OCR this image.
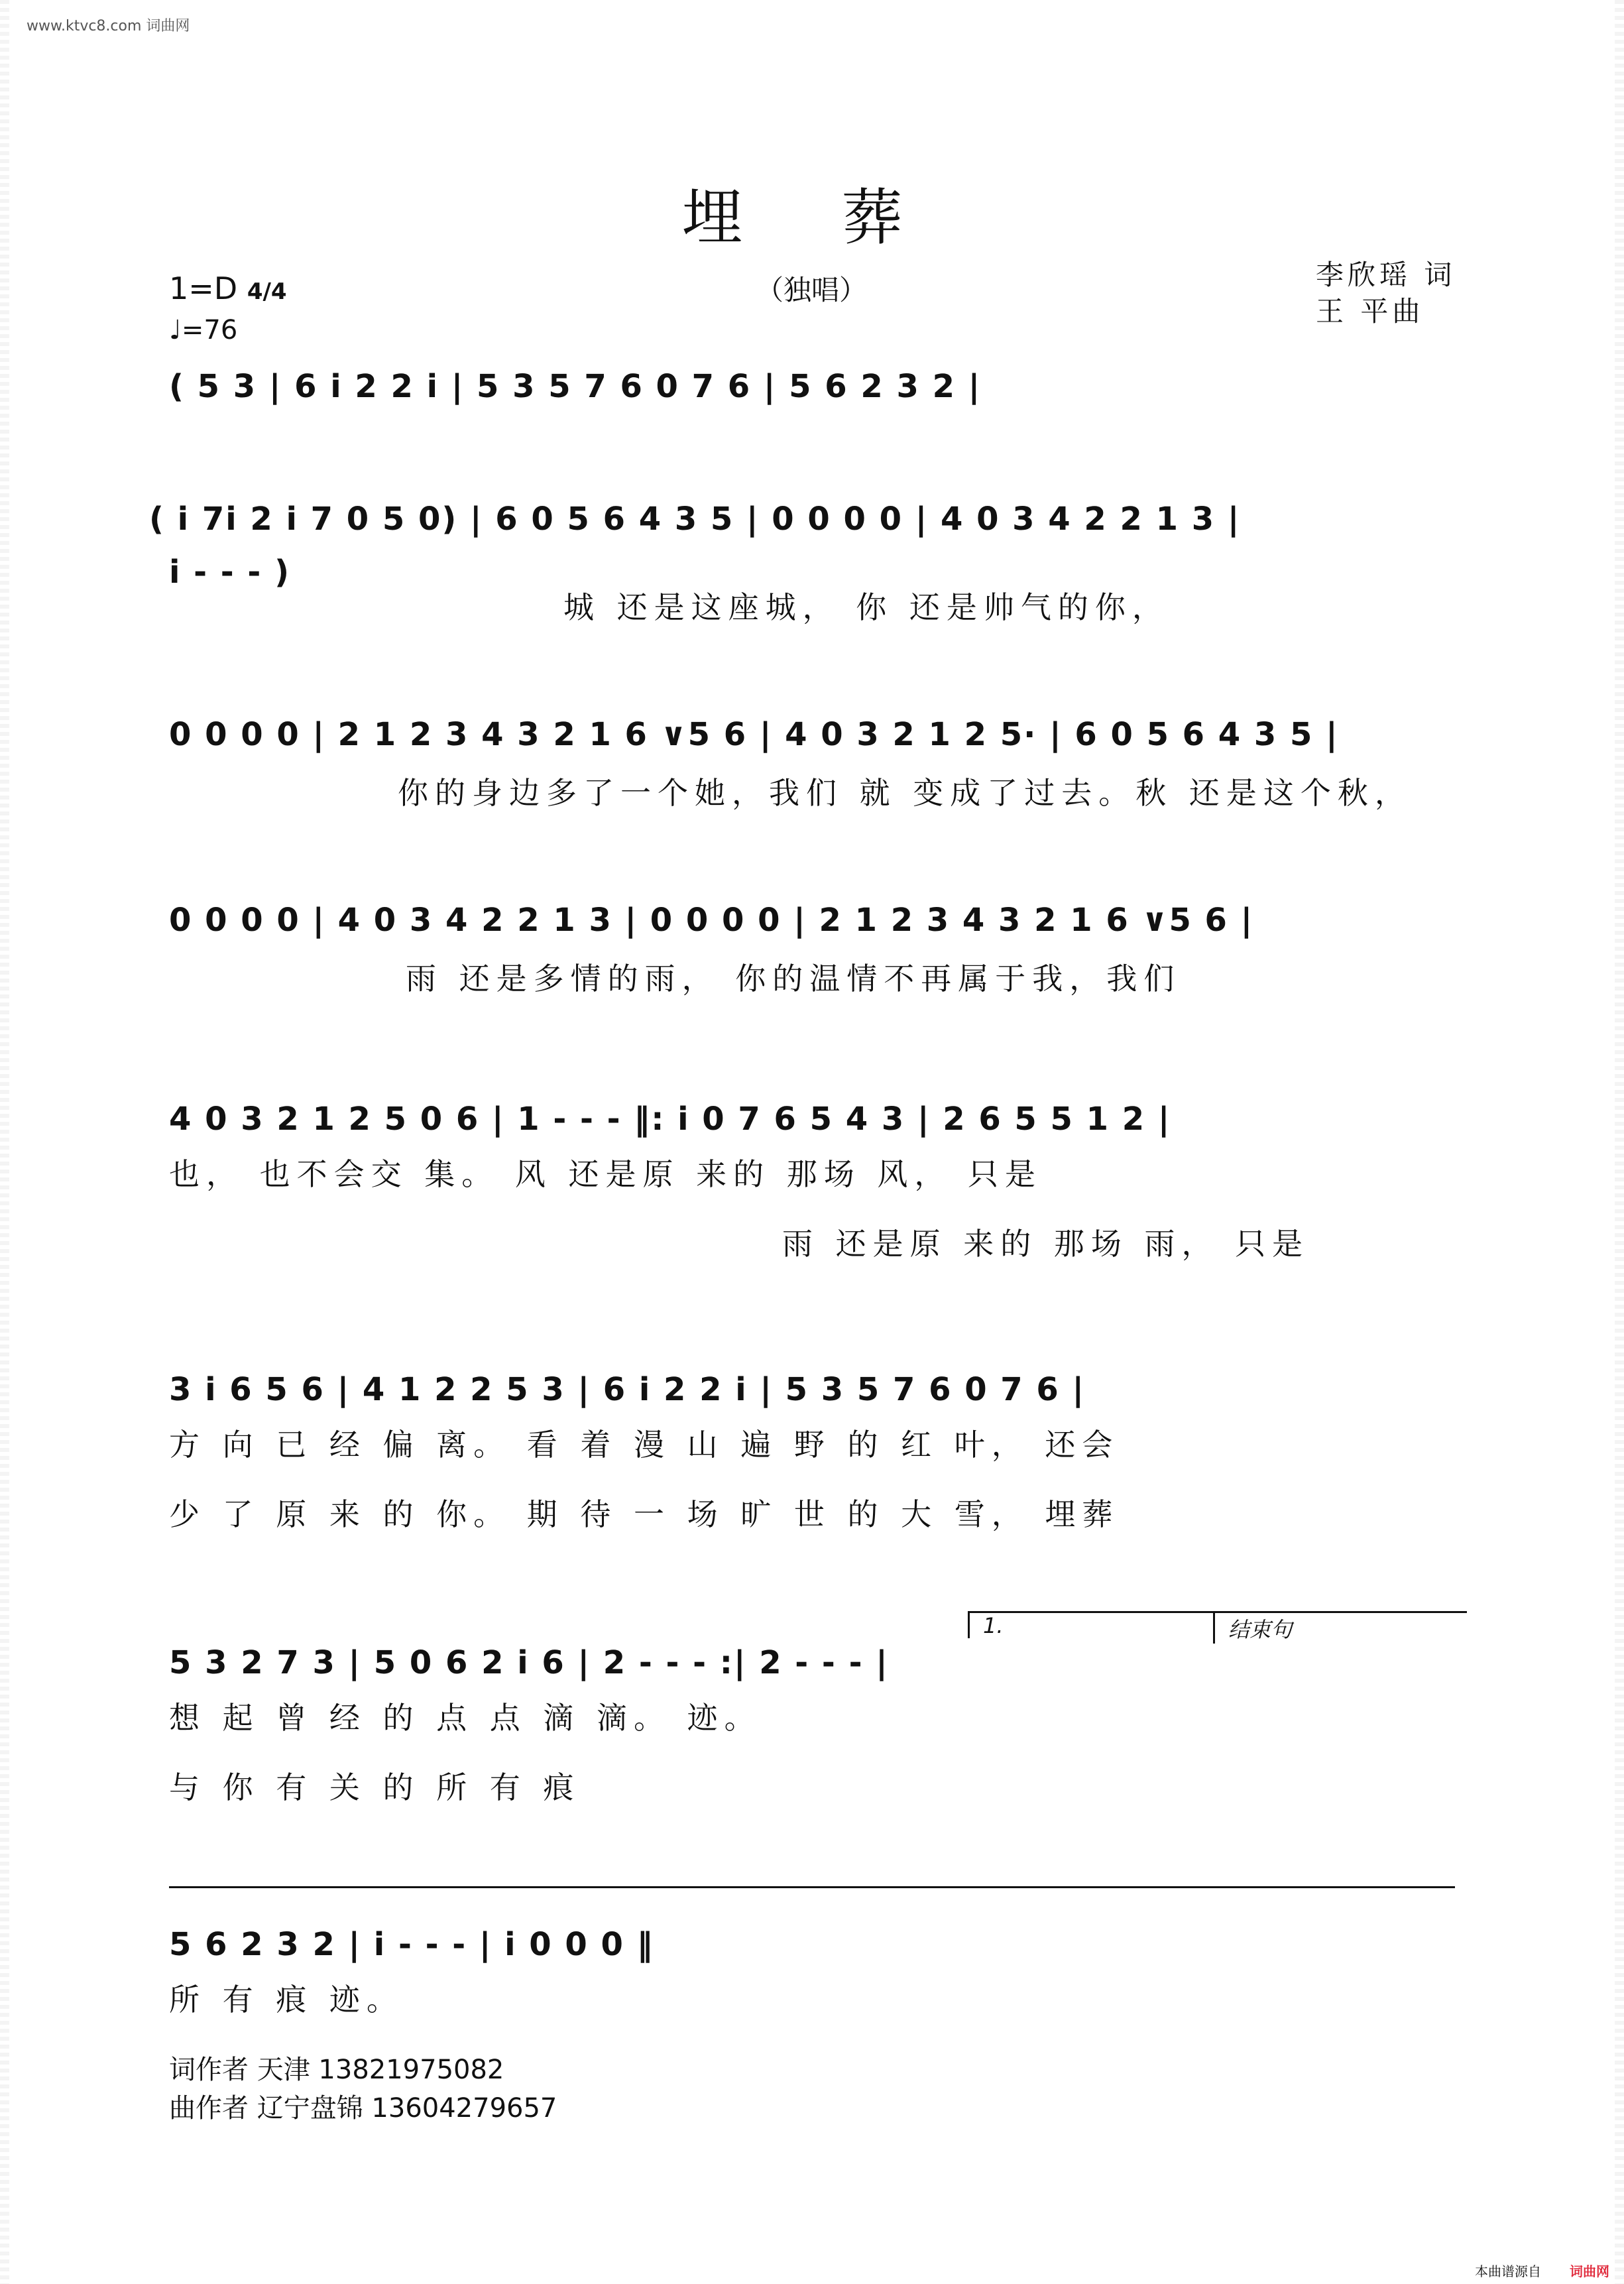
www.ktvc8.com 词曲网
埋 葬
（独唱）
1=D 4/4
♩=76
李欣瑶 词
王 平曲
( 5 3 | 6 i 2 2 i | 5 3 5 7 6 0 7 6 | 5 6 2 3 2 |
( i 7i 2 i 7 0 5 0) | 6 0 5 6 4 3 5 | 0 0 0 0 | 4 0 3 4 2 2 1 3 |
i - - - )
城 还是这座城， 你 还是帅气的你，
0 0 0 0 | 2 1 2 3 4 3 2 1 6 ∨5 6 | 4 0 3 2 1 2 5· | 6 0 5 6 4 3 5 |
你的身边多了一个她，我们 就 变成了过去。秋 还是这个秋，
0 0 0 0 | 4 0 3 4 2 2 1 3 | 0 0 0 0 | 2 1 2 3 4 3 2 1 6 ∨5 6 |
雨 还是多情的雨， 你的温情不再属于我，我们
4 0 3 2 1 2 5 0 6 | 1 - - - ‖: i 0 7 6 5 4 3 | 2 6 5 5 1 2 |
也， 也不会交 集。 风 还是原 来的 那场 风， 只是
雨 还是原 来的 那场 雨， 只是
3 i 6 5 6 | 4 1 2 2 5 3 | 6 i 2 2 i | 5 3 5 7 6 0 7 6 |
方 向 已 经 偏 离。 看 着 漫 山 遍 野 的 红 叶， 还会
少 了 原 来 的 你。 期 待 一 场 旷 世 的 大 雪， 埋葬
1.	结束句
5 3 2 7 3 | 5 0 6 2 i 6 | 2 - - - :| 2 - - - |
想 起 曾 经 的 点 点 滴 滴。 迹。
与 你 有 关 的 所 有 痕
5 6 2 3 2 | i - - - | i 0 0 0 ‖
所 有 痕 迹。
词作者 天津 13821975082
曲作者 辽宁盘锦 13604279657
本曲谱源自 词曲网
